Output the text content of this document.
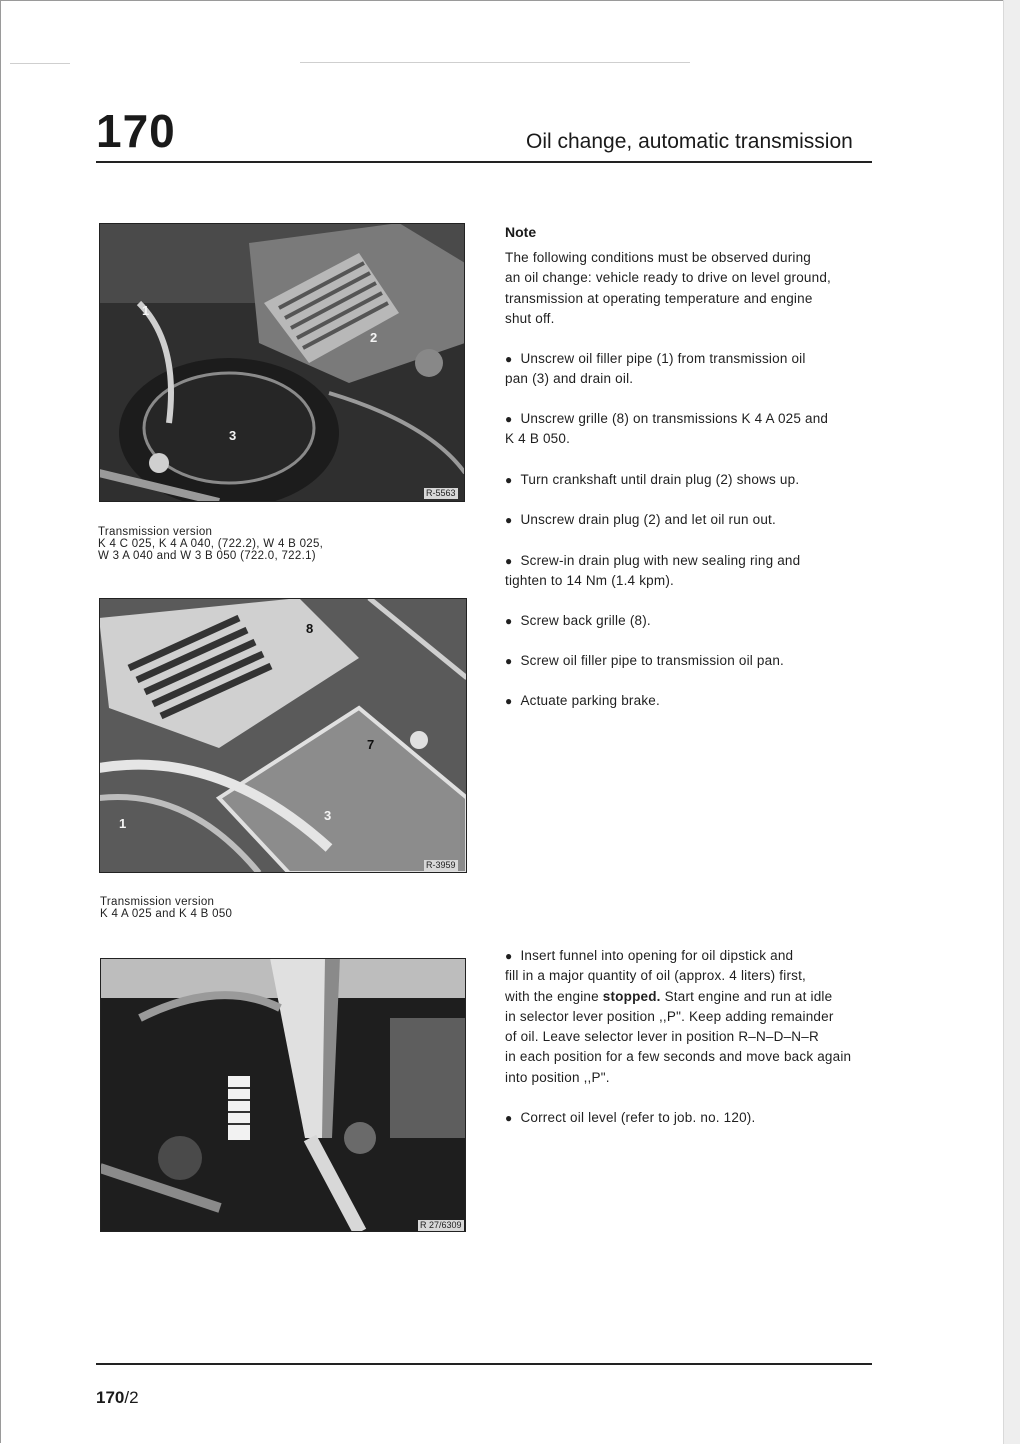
170	Oil change, automatic transmission
1
2
3
R-5563
Transmission version
K 4 C 025, K 4 A 040, (722.2), W 4 B 025,
W 3 A 040 and W 3 B 050 (722.0, 722.1)
8
7
1
3
R-3959
Transmission version
K 4 A 025 and K 4 B 050
R 27/6309
Note
The following conditions must be observed during
an oil change: vehicle ready to drive on level ground,
transmission at operating temperature and engine
shut off.
● Unscrew oil filler pipe (1) from transmission oil
pan (3) and drain oil.
● Unscrew grille (8) on transmissions K 4 A 025 and
K 4 B 050.
● Turn crankshaft until drain plug (2) shows up.
● Unscrew drain plug (2) and let oil run out.
● Screw-in drain plug with new sealing ring and
tighten to 14 Nm (1.4 kpm).
● Screw back grille (8).
● Screw oil filler pipe to transmission oil pan.
● Actuate parking brake.
● Insert funnel into opening for oil dipstick and
fill in a major quantity of oil (approx. 4 liters) first,
with the engine stopped. Start engine and run at idle
in selector lever position ,,P". Keep adding remainder
of oil. Leave selector lever in position R–N–D–N–R
in each position for a few seconds and move back again
into position ,,P".
● Correct oil level (refer to job. no. 120).
170/2
